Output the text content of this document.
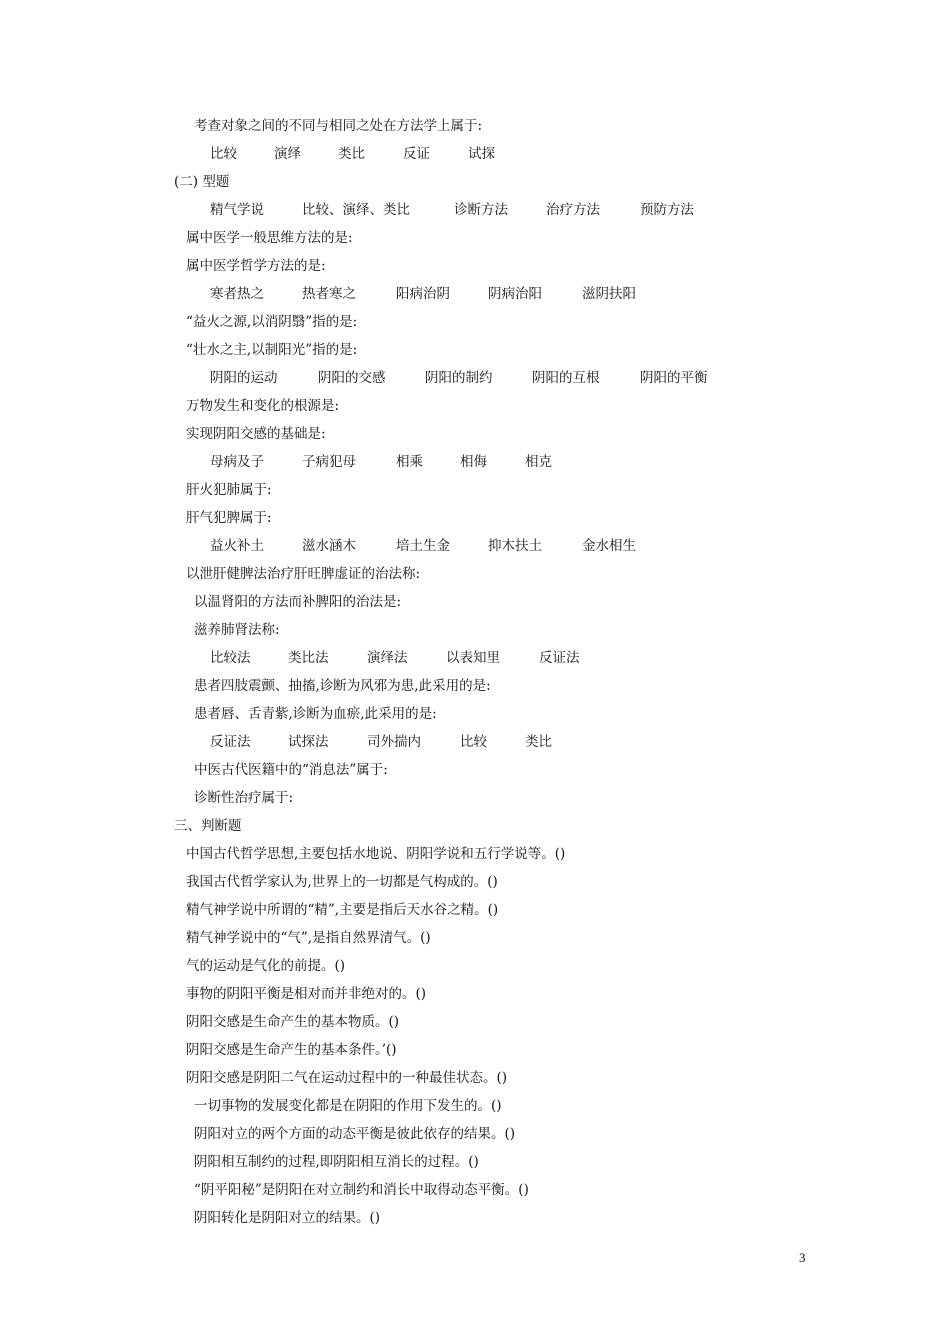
考查对象之间的不同与相同之处在方法学上属于:
比较	演绎	类比	反证	试探
(二) 型题
精气学说	比较、演绎、类比	诊断方法	治疗方法	预防方法
属中医学一般思维方法的是:
属中医学哲学方法的是:
寒者热之	热者寒之	阳病治阴	阴病治阳	滋阴扶阳
“益火之源,以消阴翳”指的是:
“壮水之主,以制阳光”指的是:
阴阳的运动	阴阳的交感	阴阳的制约	阴阳的互根	阴阳的平衡
万物发生和变化的根源是:
实现阴阳交感的基础是:
母病及子	子病犯母	相乘	相侮	相克
肝火犯肺属于:
肝气犯脾属于:
益火补土	滋水涵木	培土生金	抑木扶土	金水相生
以泄肝健脾法治疗肝旺脾虚证的治法称:
以温肾阳的方法而补脾阳的治法是:
滋养肺肾法称:
比较法	类比法	演绎法	以表知里	反证法
患者四肢震颤、抽搐,诊断为风邪为患,此采用的是:
患者唇、舌青紫,诊断为血瘀,此采用的是:
反证法	试探法	司外揣内	比较	类比
中医古代医籍中的“消息法”属于:
诊断性治疗属于:
三、判断题
中国古代哲学思想,主要包括水地说、阴阳学说和五行学说等。()
我国古代哲学家认为,世界上的一切都是气构成的。()
精气神学说中所谓的“精”,主要是指后天水谷之精。()
精气神学说中的“气”,是指自然界清气。()
气的运动是气化的前提。()
事物的阴阳平衡是相对而并非绝对的。()
阴阳交感是生命产生的基本物质。()
阴阳交感是生命产生的基本条件。’()
阴阳交感是阴阳二气在运动过程中的一种最佳状态。()
一切事物的发展变化都是在阴阳的作用下发生的。()
阴阳对立的两个方面的动态平衡是彼此依存的结果。()
阴阳相互制约的过程,即阴阳相互消长的过程。()
“阴平阳秘”是阴阳在对立制约和消长中取得动态平衡。()
阴阳转化是阴阳对立的结果。()
3
